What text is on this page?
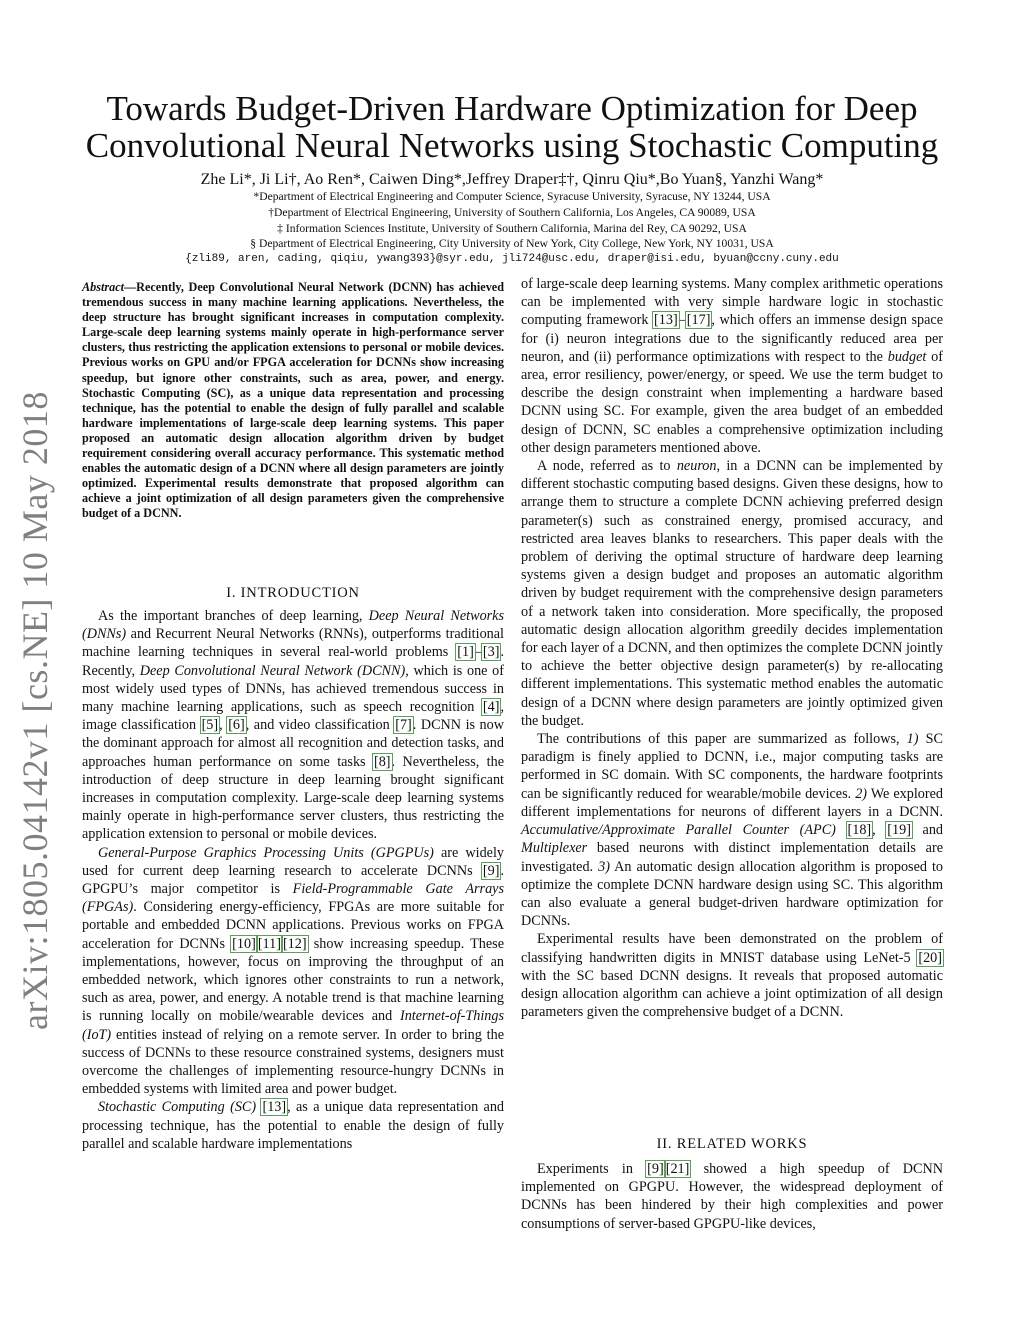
arXiv:1805.04142v1 [cs.NE] 10 May 2018
Towards Budget-Driven Hardware Optimization for Deep
Convolutional Neural Networks using Stochastic Computing
Zhe Li*, Ji Li†, Ao Ren*, Caiwen Ding*,Jeffrey Draper‡†, Qinru Qiu*,Bo Yuan§, Yanzhi Wang*
*Department of Electrical Engineering and Computer Science, Syracuse University, Syracuse, NY 13244, USA
†Department of Electrical Engineering, University of Southern California, Los Angeles, CA 90089, USA
‡ Information Sciences Institute, University of Southern California, Marina del Rey, CA 90292, USA
§ Department of Electrical Engineering, City University of New York, City College, New York, NY 10031, USA
{zli89, aren, cading, qiqiu, ywang393}@syr.edu, jli724@usc.edu, draper@isi.edu, byuan@ccny.cuny.edu
Abstract—Recently, Deep Convolutional Neural Network (DCNN) has achieved tremendous success in many machine learning applications. Nevertheless, the deep structure has brought significant increases in computation complexity. Large-scale deep learning systems mainly operate in high-performance server clusters, thus restricting the application extensions to personal or mobile devices. Previous works on GPU and/or FPGA acceleration for DCNNs show increasing speedup, but ignore other constraints, such as area, power, and energy. Stochastic Computing (SC), as a unique data representation and processing technique, has the potential to enable the design of fully parallel and scalable hardware implementations of large-scale deep learning systems. This paper proposed an automatic design allocation algorithm driven by budget requirement considering overall accuracy performance. This systematic method enables the automatic design of a DCNN where all design parameters are jointly optimized. Experimental results demonstrate that proposed algorithm can achieve a joint optimization of all design parameters given the comprehensive budget of a DCNN.
I. INTRODUCTION

As the important branches of deep learning, Deep Neural Networks (DNNs) and Recurrent Neural Networks (RNNs), outperforms traditional machine learning techniques in several real-world problems [1]–[3]. Recently, Deep Convolutional Neural Network (DCNN), which is one of most widely used types of DNNs, has achieved tremendous success in many machine learning applications, such as speech recognition [4], image classification [5], [6], and video classification [7]. DCNN is now the dominant approach for almost all recognition and detection tasks, and approaches human performance on some tasks [8]. Nevertheless, the introduction of deep structure in deep learning brought significant increases in computation complexity. Large-scale deep learning systems mainly operate in high-performance server clusters, thus restricting the application extension to personal or mobile devices.

General-Purpose Graphics Processing Units (GPGPUs) are widely used for current deep learning research to accelerate DCNNs [9]. GPGPU’s major competitor is Field-Programmable Gate Arrays (FPGAs). Considering energy-efficiency, FPGAs are more suitable for portable and embedded DCNN applications. Previous works on FPGA acceleration for DCNNs [10] [11] [12] show increasing speedup. These implementations, however, focus on improving the throughput of an embedded network, which ignores other constraints to run a network, such as area, power, and energy. A notable trend is that machine learning is running locally on mobile/wearable devices and Internet-of-Things (IoT) entities instead of relying on a remote server. In order to bring the success of DCNNs to these resource constrained systems, designers must overcome the challenges of implementing resource-hungry DCNNs in embedded systems with limited area and power budget.

Stochastic Computing (SC) [13], as a unique data representation and processing technique, has the potential to enable the design of fully parallel and scalable hardware implementations

of large-scale deep learning systems. Many complex arithmetic operations can be implemented with very simple hardware logic in stochastic computing framework [13]–[17], which offers an immense design space for (i) neuron integrations due to the significantly reduced area per neuron, and (ii) performance optimizations with respect to the budget of area, error resiliency, power/energy, or speed. We use the term budget to describe the design constraint when implementing a hardware based DCNN using SC. For example, given the area budget of an embedded design of DCNN, SC enables a comprehensive optimization including other design parameters mentioned above.

A node, referred as to neuron, in a DCNN can be implemented by different stochastic computing based designs. Given these designs, how to arrange them to structure a complete DCNN achieving preferred design parameter(s) such as constrained energy, promised accuracy, and restricted area leaves blanks to researchers. This paper deals with the problem of deriving the optimal structure of hardware deep learning systems given a design budget and proposes an automatic algorithm driven by budget requirement with the comprehensive design parameters of a network taken into consideration. More specifically, the proposed automatic design allocation algorithm greedily decides implementation for each layer of a DCNN, and then optimizes the complete DCNN jointly to achieve the better objective design parameter(s) by re-allocating different implementations. This systematic method enables the automatic design of a DCNN where design parameters are jointly optimized given the budget.

The contributions of this paper are summarized as follows, 1) SC paradigm is finely applied to DCNN, i.e., major computing tasks are performed in SC domain. With SC components, the hardware footprints can be significantly reduced for wearable/mobile devices. 2) We explored different implementations for neurons of different layers in a DCNN. Accumulative/Approximate Parallel Counter (APC) [18], [19] and Multiplexer based neurons with distinct implementation details are investigated. 3) An automatic design allocation algorithm is proposed to optimize the complete DCNN hardware design using SC. This algorithm can also evaluate a general budget-driven hardware optimization for DCNNs.

Experimental results have been demonstrated on the problem of classifying handwritten digits in MNIST database using LeNet-5 [20] with the SC based DCNN designs. It reveals that proposed automatic design allocation algorithm can achieve a joint optimization of all design parameters given the comprehensive budget of a DCNN.

II. RELATED WORKS

Experiments in [9] [21] showed a high speedup of DCNN implemented on GPGPU. However, the widespread deployment of DCNNs has been hindered by their high complexities and power consumptions of server-based GPGPU-like devices,
